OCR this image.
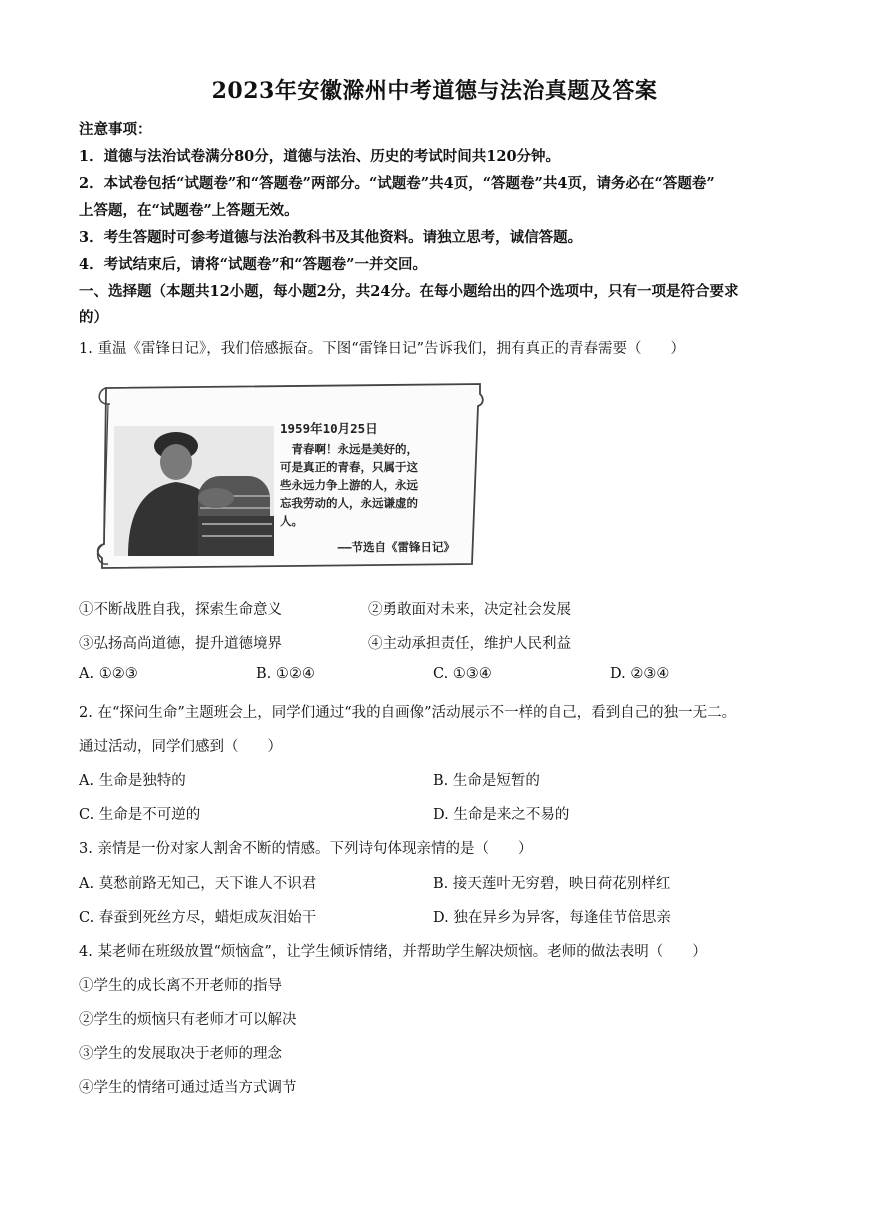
2023年安徽滁州中考道德与法治真题及答案
注意事项：
1．道德与法治试卷满分80分，道德与法治、历史的考试时间共120分钟。
2．本试卷包括“试题卷”和“答题卷”两部分。“试题卷”共4页，“答题卷”共4页，请务必在“答题卷”
上答题，在“试题卷”上答题无效。
3．考生答题时可参考道德与法治教科书及其他资料。请独立思考，诚信答题。
4．考试结束后，请将“试题卷”和“答题卷”一并交回。
一、选择题（本题共12小题，每小题2分，共24分。在每小题给出的四个选项中，只有一项是符合要求
的）
1. 重温《雷锋日记》，我们倍感振奋。下图“雷锋日记”告诉我们，拥有真正的青春需要（　　）
1959年10月25日
　青春啊！永远是美好的，
可是真正的青春，只属于这
些永远力争上游的人，永远
忘我劳动的人，永远谦虚的
人。
——节选自《雷锋日记》
①不断战胜自我，探索生命意义	②勇敢面对未来，决定社会发展
③弘扬高尚道德，提升道德境界	④主动承担责任，维护人民利益
A. ①②③	B. ①②④	C. ①③④	D. ②③④
2. 在“探问生命”主题班会上，同学们通过“我的自画像”活动展示不一样的自己，看到自己的独一无二。
通过活动，同学们感到（　　）
A. 生命是独特的	B. 生命是短暂的
C. 生命是不可逆的	D. 生命是来之不易的
3. 亲情是一份对家人割舍不断的情感。下列诗句体现亲情的是（　　）
A. 莫愁前路无知己，天下谁人不识君	B. 接天莲叶无穷碧，映日荷花别样红
C. 春蚕到死丝方尽，蜡炬成灰泪始干	D. 独在异乡为异客，每逢佳节倍思亲
4. 某老师在班级放置“烦恼盒”，让学生倾诉情绪，并帮助学生解决烦恼。老师的做法表明（　　）
①学生的成长离不开老师的指导
②学生的烦恼只有老师才可以解决
③学生的发展取决于老师的理念
④学生的情绪可通过适当方式调节
